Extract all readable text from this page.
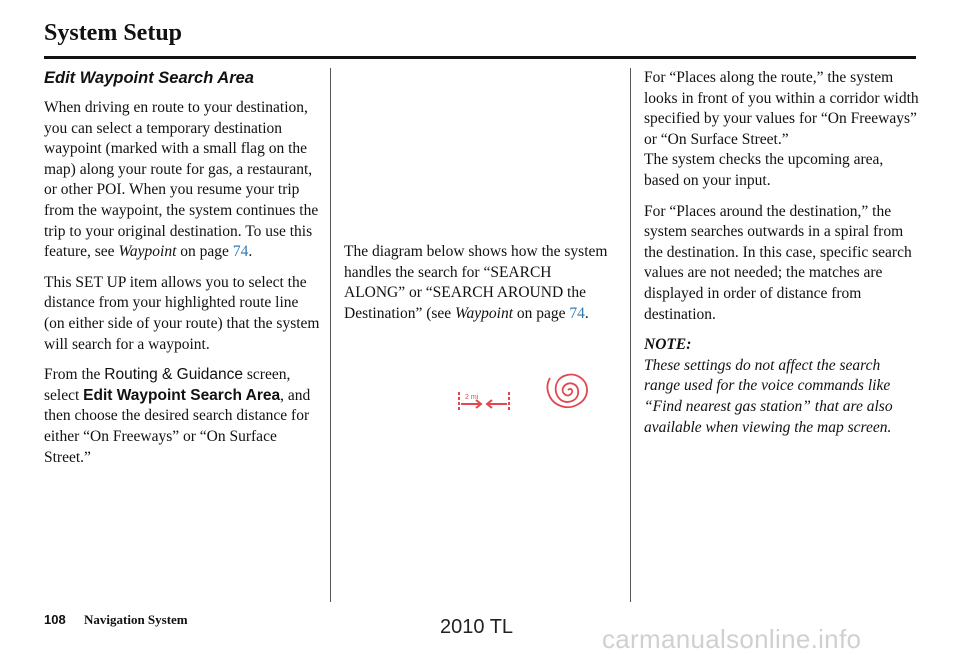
System Setup

Edit Waypoint Search Area

When driving en route to your destination, you can select a temporary destination waypoint (marked with a small flag on the map) along your route for gas, a restaurant, or other POI. When you resume your trip from the waypoint, the system continues the trip to your original destination. To use this feature, see Waypoint on page 74.

This SET UP item allows you to select the distance from your highlighted route line (on either side of your route) that the system will search for a waypoint.

From the Routing & Guidance screen, select Edit Waypoint Search Area, and then choose the desired search distance for either “On Freeways” or “On Surface Street.”

The diagram below shows how the system handles the search for “SEARCH ALONG” or “SEARCH AROUND the Destination” (see Waypoint on page 74.

2 mi

For “Places along the route,” the system looks in front of you within a corridor width specified by your values for “On Freeways” or “On Surface Street.”

The system checks the upcoming area, based on your input.

For “Places around the destination,” the system searches outwards in a spiral from the destination. In this case, specific search values are not needed; the matches are displayed in order of distance from destination.

NOTE:

These settings do not affect the search range used for the voice commands like “Find nearest gas station” that are also available when viewing the map screen.

108 Navigation System	2010 TL	carmanualsonline.info
